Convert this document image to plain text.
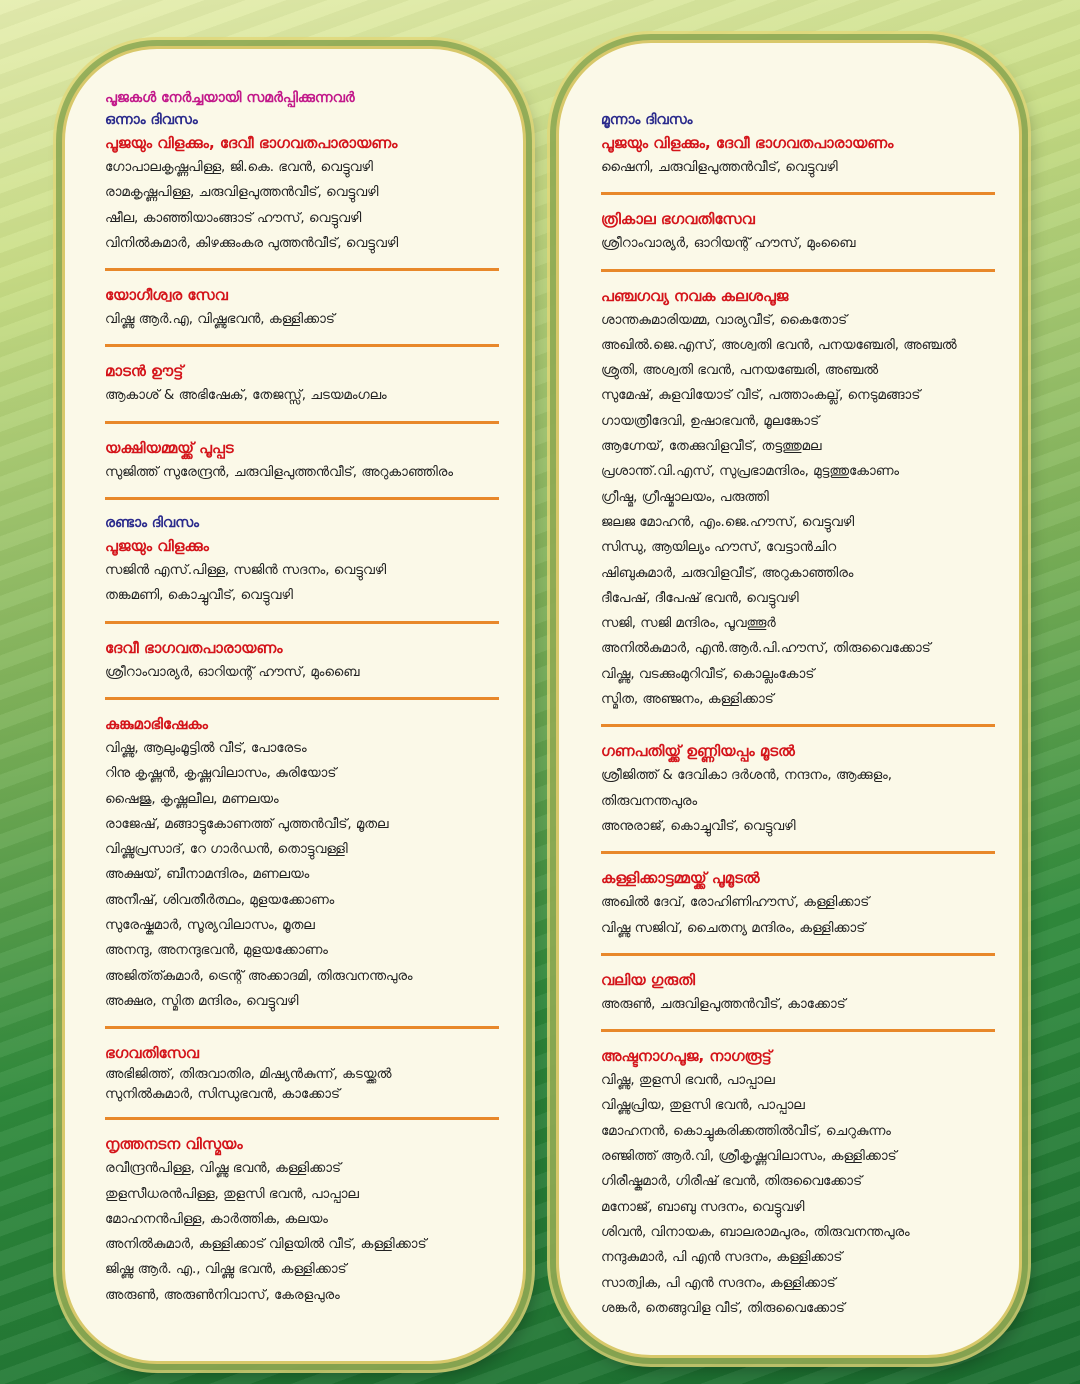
പൂജകൾ നേർച്ചയായി സമർപ്പിക്കുന്നവർ
ഒന്നാം ദിവസം
പൂജയും വിളക്കും, ദേവീ ഭാഗവതപാരായണം
ഗോപാലകൃഷ്ണപിള്ള, ജി.കെ. ഭവൻ, വെട്ടുവഴി
രാമകൃഷ്ണപിള്ള, ചരുവിളപുത്തൻവീട്, വെട്ടുവഴി
ഷീല, കാഞ്ഞിയാംങ്ങാട് ഹൗസ്, വെട്ടുവഴി
വിനിൽകുമാർ, കിഴക്കുംകര പുത്തൻവീട്, വെട്ടുവഴി
യോഗീശ്വര സേവ
വിഷ്ണു ആർ.എ, വിഷ്ണുഭവൻ, കള്ളിക്കാട്
മാടൻ ഊട്ട്
ആകാശ് & അഭിഷേക്, തേജസ്സ്, ചടയമംഗലം
യക്ഷിയമ്മയ്ക്ക് പൂപ്പട
സുജിത്ത് സുരേന്ദ്രൻ, ചരുവിളപുത്തൻവീട്, അറുകാഞ്ഞിരം
രണ്ടാം ദിവസം
പൂജയും വിളക്കും
സജിൻ എസ്.പിള്ള, സജിൻ സദനം, വെട്ടുവഴി
തങ്കമണി, കൊച്ചുവീട്, വെട്ടുവഴി
ദേവീ ഭാഗവതപാരായണം
ശ്രീറാംവാര്യർ, ഓറിയന്റ് ഹൗസ്, മുംബൈ
കുങ്കുമാഭിഷേകം
വിഷ്ണു, ആലുംമൂട്ടിൽ വീട്, പോരേടം
റിനു കൃഷ്ണൻ, കൃഷ്ണവിലാസം, കുരിയോട്
ഷൈജു, കൃഷ്ണലീല, മണലയം
രാജേഷ്, മങ്ങാട്ടുകോണത്ത് പുത്തൻവീട്, മൂതല
വിഷ്ണുപ്രസാദ്, റേ ഗാർഡൻ, തൊട്ടുവള്ളി
അക്ഷയ്, ബീനാമന്ദിരം, മണലയം
അനീഷ്, ശിവതീർത്ഥം, മുളയക്കോണം
സുരേഷ്കുമാർ, സൂര്യവിലാസം, മൂതല
അനന്ദു, അനന്ദുഭവൻ, മുളയക്കോണം
അജിത്ത്കുമാർ, ട്രെന്റ് അക്കാദമി, തിരുവനന്തപുരം
അക്ഷര, സ്മിത മന്ദിരം, വെട്ടുവഴി
ഭഗവതിസേവ
അഭിജിത്ത്, തിരുവാതിര, മിഷ്യൻകുന്ന്, കടയ്ക്കൽ
സുനിൽകുമാർ, സിന്ധുഭവൻ, കാക്കോട്
നൃത്തനടന വിസ്മയം
രവീന്ദ്രൻപിള്ള, വിഷ്ണു ഭവൻ, കള്ളിക്കാട്
തുളസീധരൻപിള്ള, തുളസി ഭവൻ, പാപ്പാല
മോഹനൻപിള്ള, കാർത്തിക, കലയം
അനിൽകുമാർ, കള്ളിക്കാട് വിളയിൽ വീട്, കള്ളിക്കാട്
ജിഷ്ണു ആർ. എ., വിഷ്ണു ഭവൻ, കള്ളിക്കാട്
അരുൺ, അരുൺനിവാസ്, കേരളപുരം
മൂന്നാം ദിവസം
പൂജയും വിളക്കും, ദേവീ ഭാഗവതപാരായണം
ഷൈനി, ചരുവിളപുത്തൻവീട്, വെട്ടുവഴി
ത്രികാല ഭഗവതിസേവ
ശ്രീറാംവാര്യർ, ഓറിയന്റ് ഹൗസ്, മുംബൈ
പഞ്ചഗവ്യ നവക കലശപൂജ
ശാന്തകുമാരിയമ്മ, വാര്യവീട്, കൈതോട്
അഖിൽ.ജെ.എസ്, അശ്വതി ഭവൻ, പനയഞ്ചേരി, അഞ്ചൽ
ശ്രുതി, അശ്വതി ഭവൻ, പനയഞ്ചേരി, അഞ്ചൽ
സുമേഷ്, കുളവിയോട് വീട്, പത്താംകല്ല്, നെടുമങ്ങാട്
ഗായത്രീദേവി, ഉഷാഭവൻ, മൂലങ്കോട്
ആഗ്നേയ്, തേക്കുവിളവീട്, തട്ടത്തുമല
പ്രശാന്ത്.വി.എസ്, സുപ്രഭാമന്ദിരം, മുട്ടത്തുകോണം
ഗ്രീഷ്മ, ഗ്രീഷ്മാലയം, പരുത്തി
ജലജ മോഹൻ, എം.ജെ.ഹൗസ്, വെട്ടുവഴി
സിന്ധു, ആയില്യം ഹൗസ്, വേട്ടാൻചിറ
ഷിബുകുമാർ, ചരുവിളവീട്, അറുകാഞ്ഞിരം
ദീപേഷ്, ദീപേഷ് ഭവൻ, വെട്ടുവഴി
സജി, സജി മന്ദിരം, പൂവത്തൂർ
അനിൽകുമാർ, എൻ.ആർ.പി.ഹൗസ്, തിരുവൈക്കോട്
വിഷ്ണു, വടക്കുംമുറിവീട്, കൊല്ലംകോട്
സ്മിത, അഞ്ജനം, കള്ളിക്കാട്
ഗണപതിയ്ക്ക് ഉണ്ണിയപ്പം മൂടൽ
ശ്രീജിത്ത് & ദേവികാ ദർശൻ, നന്ദനം, ആക്കുളം,
തിരുവനന്തപുരം
അനുരാജ്, കൊച്ചുവീട്, വെട്ടുവഴി
കള്ളിക്കാട്ടമ്മയ്ക്ക് പൂമൂടൽ
അഖിൽ ദേവ്, രോഹിണിഹൗസ്, കള്ളിക്കാട്
വിഷ്ണു സജിവ്, ചൈതന്യ മന്ദിരം, കള്ളിക്കാട്
വലിയ ഗുരുതി
അരുൺ, ചരുവിളപുത്തൻവീട്, കാക്കോട്
അഷ്ടനാഗപൂജ, നാഗരൂട്ട്
വിഷ്ണു, തുളസി ഭവൻ, പാപ്പാല
വിഷ്ണുപ്രിയ, തുളസി ഭവൻ, പാപ്പാല
മോഹനൻ, കൊച്ചുകരിക്കത്തിൽവീട്, ചെറുകുന്നം
രഞ്ജിത്ത് ആർ.വി, ശ്രീകൃഷ്ണവിലാസം, കള്ളിക്കാട്
ഗിരീഷ്കുമാർ, ഗിരീഷ് ഭവൻ, തിരുവൈക്കോട്
മനോജ്, ബാബു സദനം, വെട്ടുവഴി
ശിവൻ, വിനായക, ബാലരാമപുരം, തിരുവനന്തപുരം
നന്ദുകുമാർ, പി എൻ സദനം, കള്ളിക്കാട്
സാത്വിക, പി എൻ സദനം, കള്ളിക്കാട്
ശങ്കർ, തെങ്ങുവിള വീട്, തിരുവൈക്കോട്
